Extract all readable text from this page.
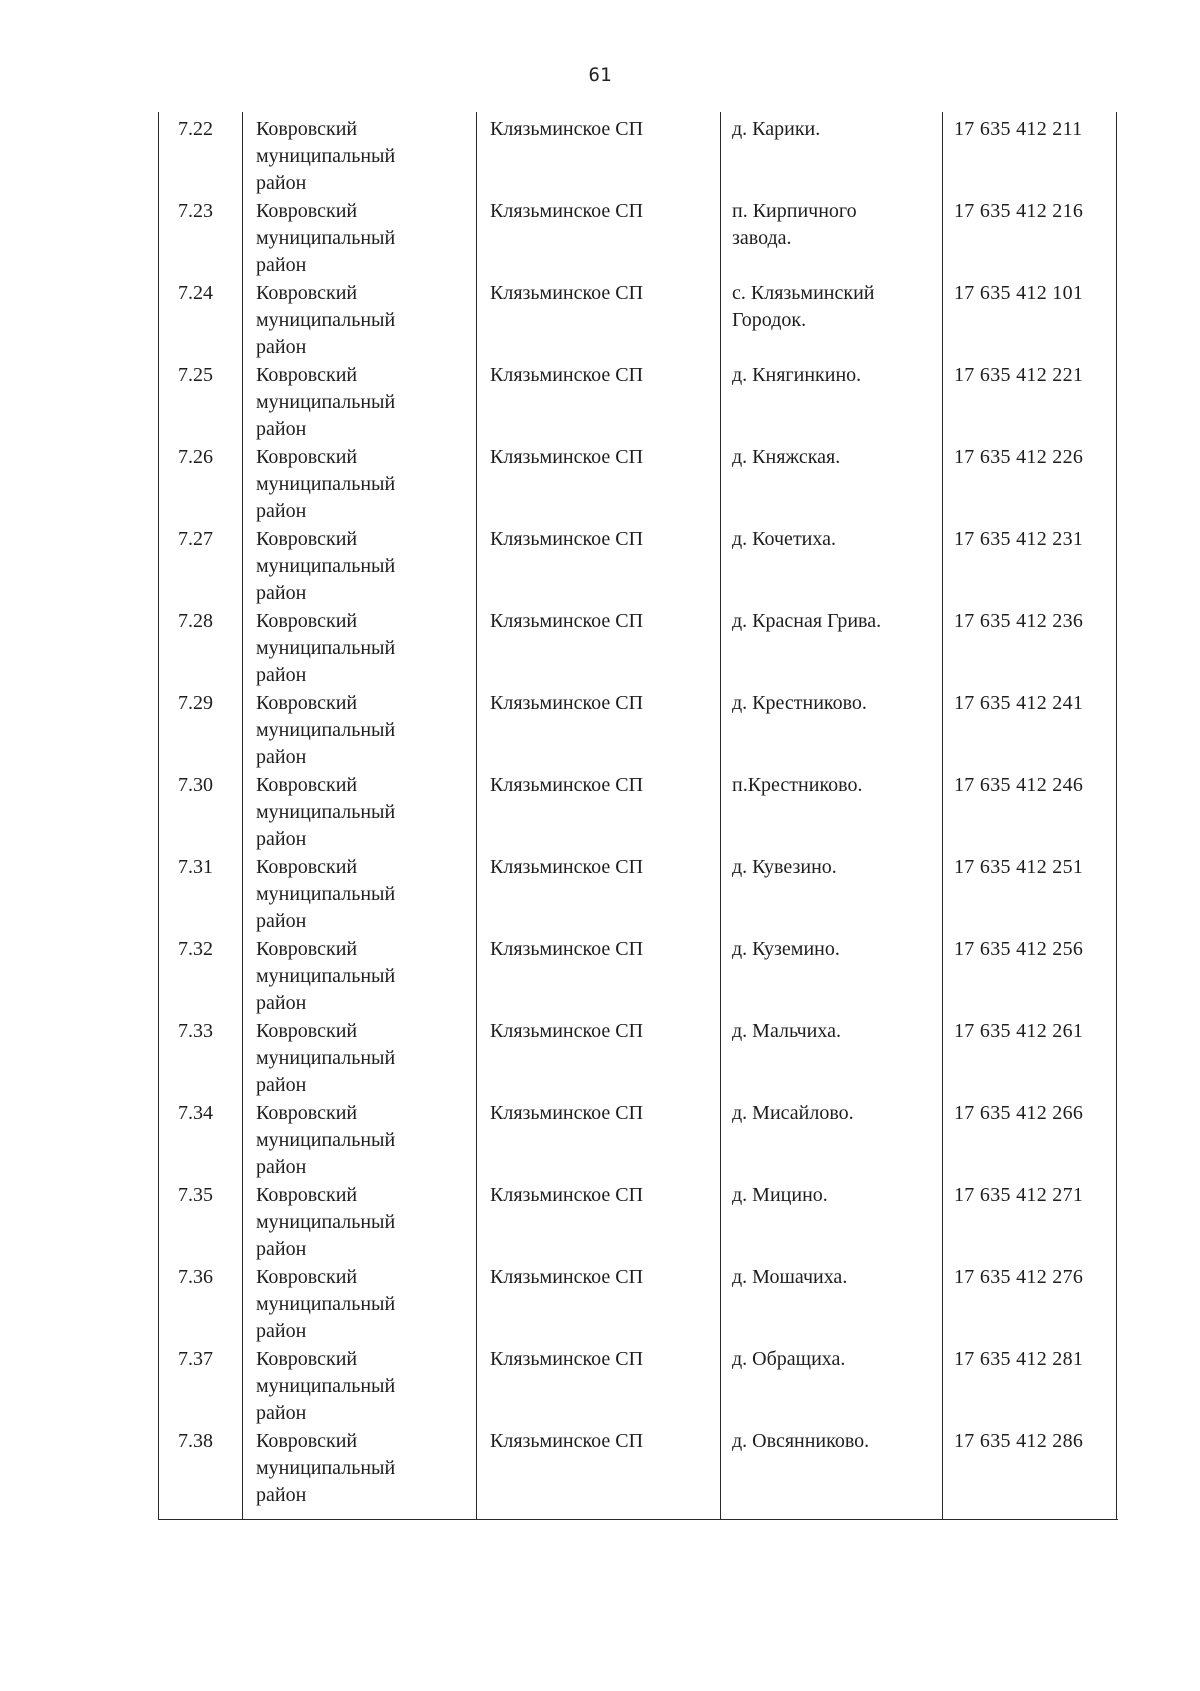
61
7.22	Ковровский
муниципальный
район
Клязьминское СП	д. Карики.	17 635 412 211
7.23	Ковровский
муниципальный
район
Клязьминское СП	п. Кирпичного
завода.
17 635 412 216
7.24	Ковровский
муниципальный
район
Клязьминское СП	с. Клязьминский
Городок.
17 635 412 101
7.25	Ковровский
муниципальный
район
Клязьминское СП	д. Княгинкино.	17 635 412 221
7.26	Ковровский
муниципальный
район
Клязьминское СП	д. Княжская.	17 635 412 226
7.27	Ковровский
муниципальный
район
Клязьминское СП	д. Кочетиха.	17 635 412 231
7.28	Ковровский
муниципальный
район
Клязьминское СП	д. Красная Грива.	17 635 412 236
7.29	Ковровский
муниципальный
район
Клязьминское СП	д. Крестниково.	17 635 412 241
7.30	Ковровский
муниципальный
район
Клязьминское СП	п.Крестниково.	17 635 412 246
7.31	Ковровский
муниципальный
район
Клязьминское СП	д. Кувезино.	17 635 412 251
7.32	Ковровский
муниципальный
район
Клязьминское СП	д. Куземино.	17 635 412 256
7.33	Ковровский
муниципальный
район
Клязьминское СП	д. Мальчиха.	17 635 412 261
7.34	Ковровский
муниципальный
район
Клязьминское СП	д. Мисайлово.	17 635 412 266
7.35	Ковровский
муниципальный
район
Клязьминское СП	д. Мицино.	17 635 412 271
7.36	Ковровский
муниципальный
район
Клязьминское СП	д. Мошачиха.	17 635 412 276
7.37	Ковровский
муниципальный
район
Клязьминское СП	д. Обращиха.	17 635 412 281
7.38	Ковровский
муниципальный
район
Клязьминское СП	д. Овсянниково.	17 635 412 286
